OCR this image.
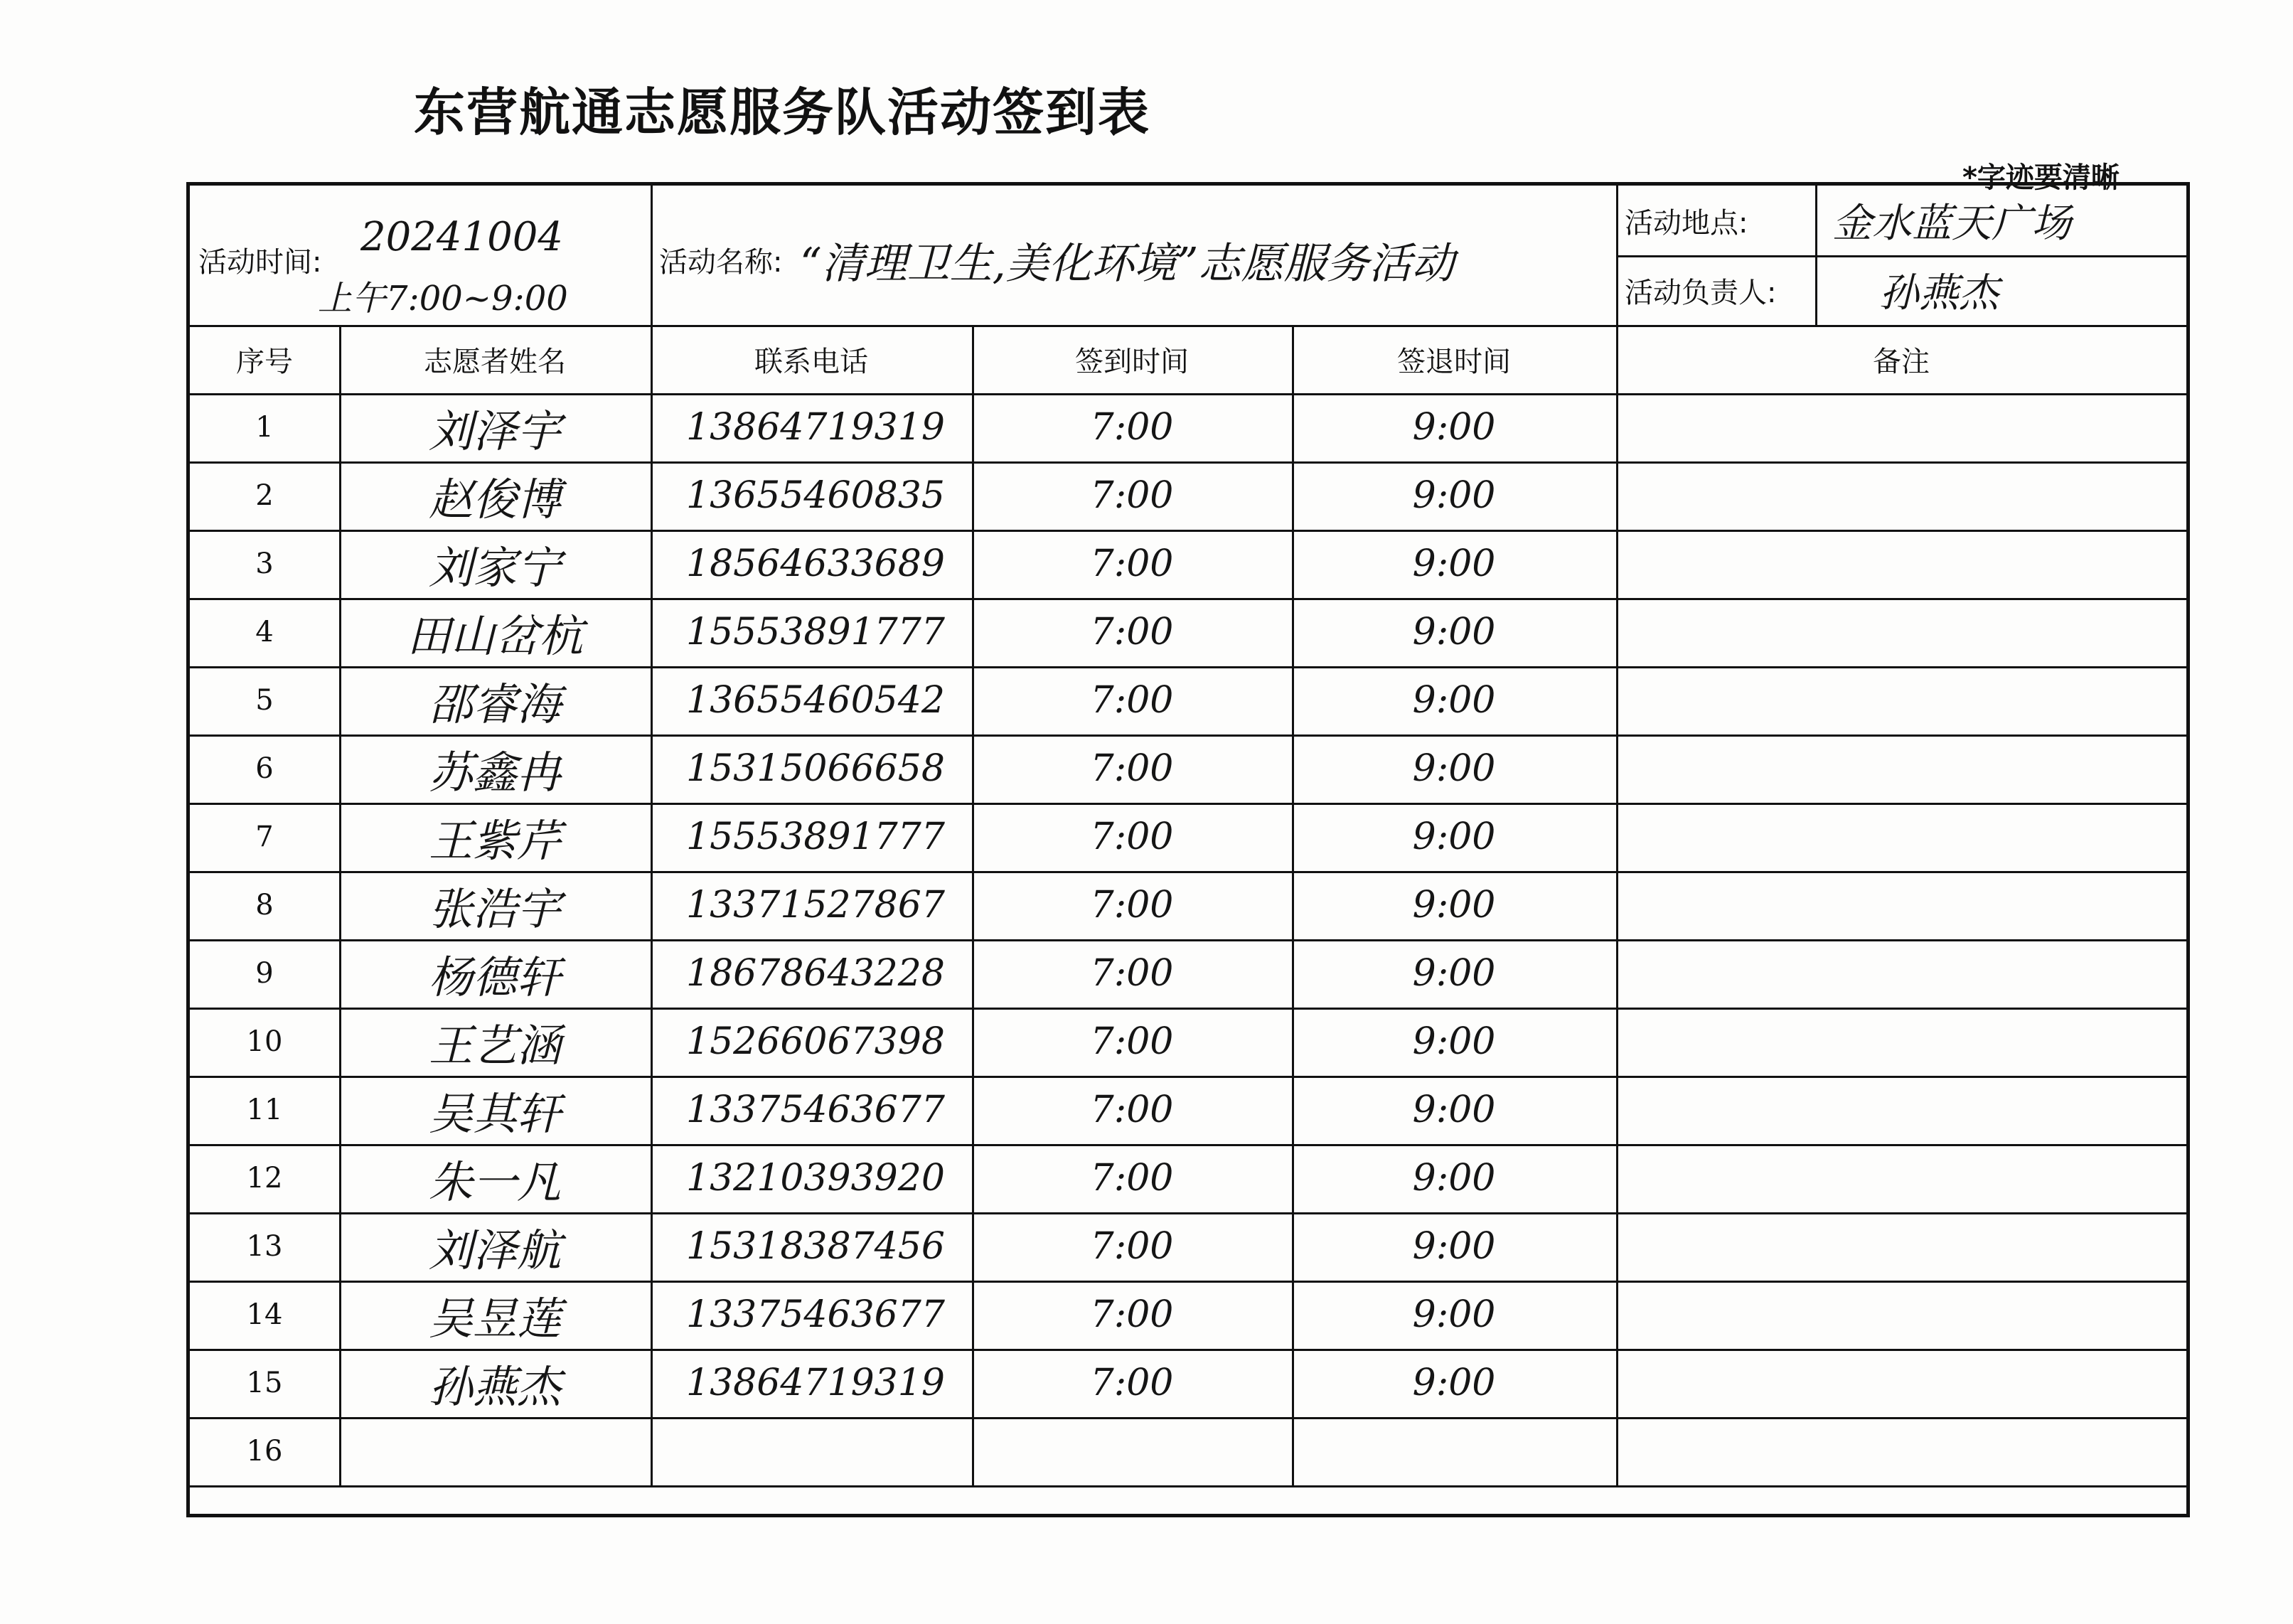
东营航通志愿服务队活动签到表
*字迹要清晰
活动时间:
20241004
上午7:00~9:00
活动名称: “清理卫生,美化环境”志愿服务活动
活动地点: 金水蓝天广场
活动负责人:	孙燕杰
序号	志愿者姓名	联系电话	签到时间	签退时间	备注
1	刘泽宇	13864719319	7:00	9:00
2	赵俊博	13655460835	7:00	9:00
3	刘家宁	18564633689	7:00	9:00
4	田山岔杭	15553891777	7:00	9:00
5	邵睿海	13655460542	7:00	9:00
6	苏鑫冉	15315066658	7:00	9:00
7	王紫芹	15553891777	7:00	9:00
8	张浩宇	13371527867	7:00	9:00
9	杨德轩	18678643228	7:00	9:00
10	王艺涵	15266067398	7:00	9:00
11	吴其轩	13375463677	7:00	9:00
12	朱一凡	13210393920	7:00	9:00
13	刘泽航	15318387456	7:00	9:00
14	吴昱莲	13375463677	7:00	9:00
15	孙燕杰	13864719319	7:00	9:00
16
